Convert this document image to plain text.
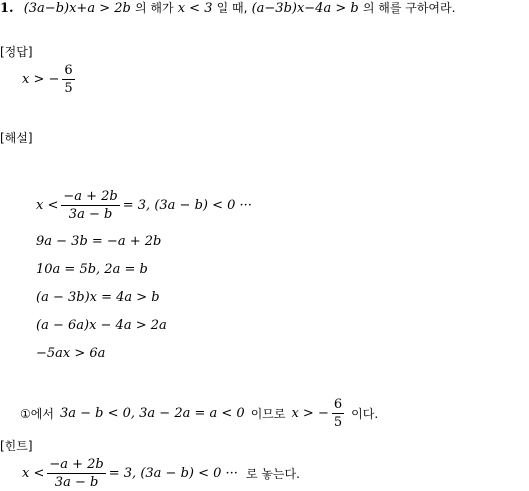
1. (3a−b)x+a > 2b 의 해가 x < 3 일 때, (a−3b)x−4a > b 의 해를 구하여라.
[정답]
x > − $\frac{6}{5}$
[해설]
$x < \frac{-a + 2b}{3a - b} = 3$, (3a − b) < 0 ···
9a − 3b = −a + 2b
10a = 5b, 2a = b
(a − 3b)x = 4a > b
(a − 6a)x − 4a > 2a
−5ax > 6a
① 에서 3a − b < 0, 3a − 2a = a < 0 이므로 x > − $\frac{6}{5}$ 이다.
[힌트]
$x < \frac{-a + 2b}{3a - b} = 3$, (3a − b) < 0 ··· 로 놓는다.
